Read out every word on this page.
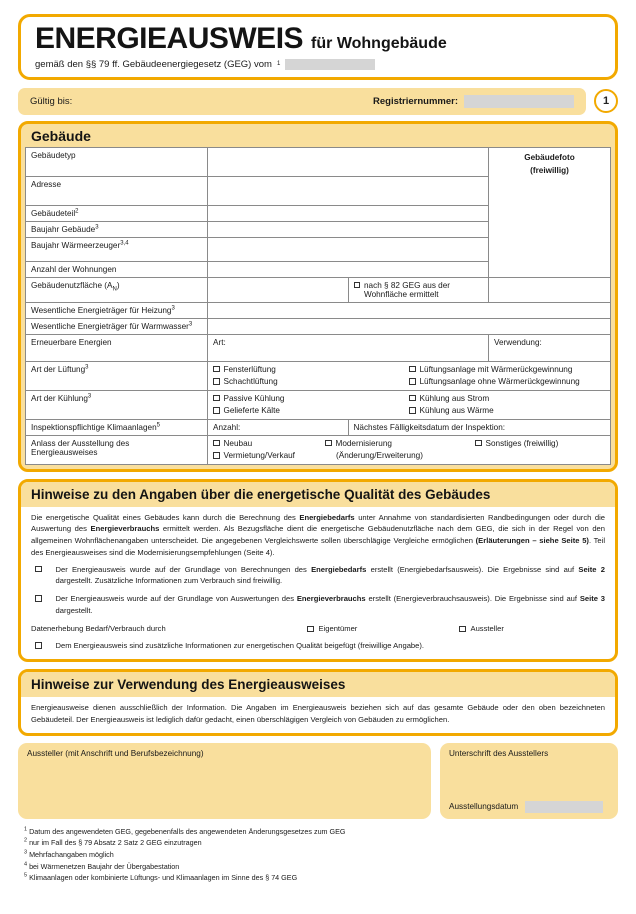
ENERGIEAUSWEIS für Wohngebäude
gemäß den §§ 79 ff. Gebäudeenergiegesetz (GEG) vom 1
Gültig bis:	Registriernummer:	1
Gebäude
Gebäudetyp			Gebäudefoto
(freiwillig)
Adresse			
Gebäudeteil$^2$	
Baujahr Gebäude$^3$	
Baujahr Wärmeerzeuger$^{3,4}$	
Anzahl der Wohnungen			
Gebäudenutzfläche $(A_N)$		nach § 82 GEG aus der Wohnfläche ermittelt	

Wesentliche Energieträger für Heizung$^3$	
Wesentliche Energieträger für Warmwasser$^3$	
Erneuerbare Energien	Art:		Verwendung:
Art der Lüftung$^3$	Fensterlüftung Lüftungsanlage mit Wärmerückgewinnung
Schachtlüftung Lüftungsanlage ohne Wärmerückgewinnung		

Art der Kühlung$^3$	Passive Kühlung Kühlung aus Strom
Gelieferte Kälte Kühlung aus Wärme		

Inspektionspflichtige Klimaanlagen$^5$	Anzahl:	Nächstes Fälligkeitsdatum der Inspektion:	
Anlass der Ausstellung des
Energieausweises	
Neubau	Modernisierung	Sonstiges (freiwillig)
Vermietung/Verkauf	(Änderung/Erweiterung)
Hinweise zu den Angaben über die energetische Qualität des Gebäudes

Die energetische Qualität eines Gebäudes kann durch die Berechnung des Energiebedarfs unter Annahme von standardisierten Randbedingungen oder durch die Auswertung des Energieverbrauchs ermittelt werden. Als Bezugsfläche dient die energetische Gebäudenutzfläche nach dem GEG, die sich in der Regel von den allgemeinen Wohnflächenangaben unterscheidet. Die angegebenen Vergleichswerte sollen überschlägige Vergleiche ermöglichen (Erläuterungen – siehe Seite 5). Teil des Energieausweises sind die Modernisierungsempfehlungen (Seite 4).

Der Energieausweis wurde auf der Grundlage von Berechnungen des Energiebedarfs erstellt (Energiebedarfsausweis). Die Ergebnisse sind auf Seite 2 dargestellt. Zusätzliche Informationen zum Verbrauch sind freiwillig.
Der Energieausweis wurde auf der Grundlage von Auswertungen des Energieverbrauchs erstellt (Energieverbrauchsausweis). Die Ergebnisse sind auf Seite 3 dargestellt.
Datenerhebung Bedarf/Verbrauch durch	Eigentümer	Aussteller
Dem Energieausweis sind zusätzliche Informationen zur energetischen Qualität beigefügt (freiwillige Angabe).
Hinweise zur Verwendung des Energieausweises

Energieausweise dienen ausschließlich der Information. Die Angaben im Energieausweis beziehen sich auf das gesamte Gebäude oder den oben bezeichneten Gebäudeteil. Der Energieausweis ist lediglich dafür gedacht, einen überschlägigen Vergleich von Gebäuden zu ermöglichen.

Aussteller (mit Anschrift und Berufsbezeichnung)	Unterschrift des Ausstellers
Ausstellungsdatum
$^1$ Datum des angewendeten GEG, gegebenenfalls des angewendeten Änderungsgesetzes zum GEG
$^2$ nur im Fall des § 79 Absatz 2 Satz 2 GEG einzutragen
$^3$ Mehrfachangaben möglich
$^4$ bei Wärmenetzen Baujahr der Übergabestation
$^5$ Klimaanlagen oder kombinierte Lüftungs- und Klimaanlagen im Sinne des § 74 GEG
